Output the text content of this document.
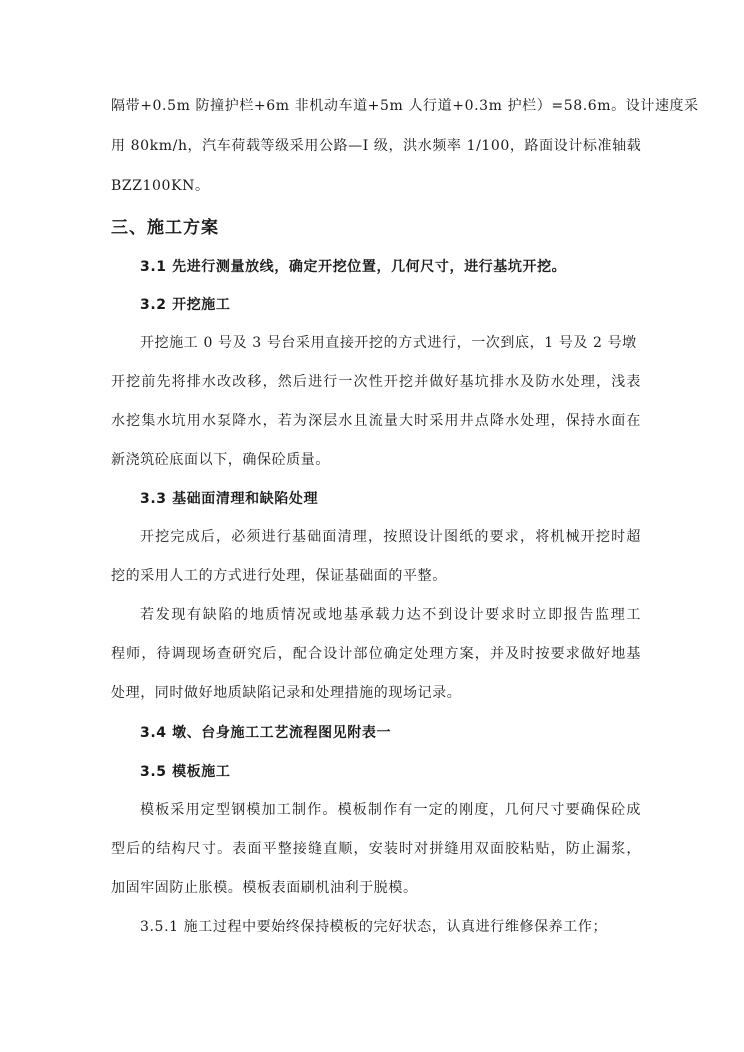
隔带+0.5m 防撞护栏+6m 非机动车道+5m 人行道+0.3m 护栏）=58.6m。设计速度采
用 80km/h，汽车荷载等级采用公路—I 级，洪水频率 1/100，路面设计标准轴载
BZZ100KN。
三、施工方案
3.1 先进行测量放线，确定开挖位置，几何尺寸，进行基坑开挖。
3.2 开挖施工
开挖施工 0 号及 3 号台采用直接开挖的方式进行，一次到底，1 号及 2 号墩
开挖前先将排水改改移，然后进行一次性开挖并做好基坑排水及防水处理，浅表
水挖集水坑用水泵降水，若为深层水且流量大时采用井点降水处理，保持水面在
新浇筑砼底面以下，确保砼质量。
3.3 基础面清理和缺陷处理
开挖完成后，必须进行基础面清理，按照设计图纸的要求，将机械开挖时超
挖的采用人工的方式进行处理，保证基础面的平整。
若发现有缺陷的地质情况或地基承载力达不到设计要求时立即报告监理工
程师，待调现场查研究后，配合设计部位确定处理方案，并及时按要求做好地基
处理，同时做好地质缺陷记录和处理措施的现场记录。
3.4 墩、台身施工工艺流程图见附表一
3.5 模板施工
模板采用定型钢模加工制作。模板制作有一定的刚度，几何尺寸要确保砼成
型后的结构尺寸。表面平整接缝直顺，安装时对拼缝用双面胶粘贴，防止漏浆，
加固牢固防止胀模。模板表面刷机油利于脱模。
3.5.1 施工过程中要始终保持模板的完好状态，认真进行维修保养工作；
